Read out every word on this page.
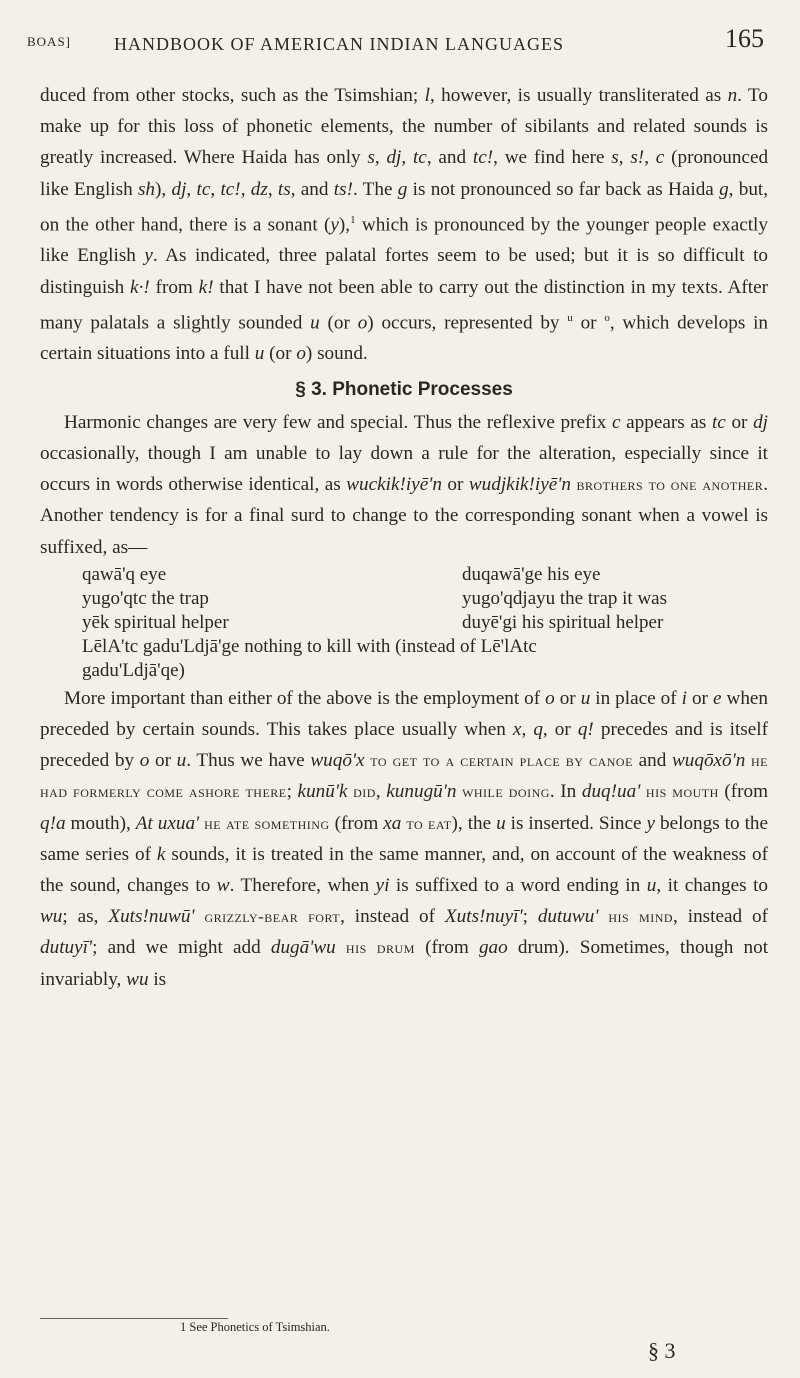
BOAS] HANDBOOK OF AMERICAN INDIAN LANGUAGES	165

duced from other stocks, such as the Tsimshian; l, however, is usually transliterated as n. To make up for this loss of phonetic elements, the number of sibilants and related sounds is greatly increased. Where Haida has only s, dj, tc, and tc!, we find here s, s!, c (pronounced like English sh), dj, tc, tc!, dz, ts, and ts!. The g is not pronounced so far back as Haida g, but, on the other hand, there is a sonant (y),$^1$ which is pronounced by the younger people exactly like English y. As indicated, three palatal fortes seem to be used; but it is so difficult to distinguish k·! from k! that I have not been able to carry out the distinction in my texts. After many palatals a slightly sounded u (or o) occurs, represented by $^u$ or $^o$, which develops in certain situations into a full u (or o) sound.

§ 3. Phonetic Processes

Harmonic changes are very few and special. Thus the reflexive prefix c appears as tc or dj occasionally, though I am unable to lay down a rule for the alteration, especially since it occurs in words otherwise identical, as wuckik!iyē'n or wudjkik!iyē'n brothers to one another. Another tendency is for a final surd to change to the corresponding sonant when a vowel is suffixed, as—

qawā'q eye	duqawā'ge his eye
yugo'qtc the trap	yugo'qdjayu the trap it was
yēk spiritual helper	duyē'gi his spiritual helper
LēlA'tc gadu'Ldjā'ge nothing to kill with (instead of Lē'lAtc	
gadu'Ldjā'qe)	

More important than either of the above is the employment of o or u in place of i or e when preceded by certain sounds. This takes place usually when x, q, or q! precedes and is itself preceded by o or u. Thus we have wuqō'x to get to a certain place by canoe and wuqōxō'n he had formerly come ashore there; kunū'k did, kunugū'n while doing. In duq!ua' his mouth (from q!a mouth), At uxua' he ate something (from xa to eat), the u is inserted. Since y belongs to the same series of k sounds, it is treated in the same manner, and, on account of the weakness of the sound, changes to w. Therefore, when yi is suffixed to a word ending in u, it changes to wu; as, Xuts!nuwū' grizzly-bear fort, instead of Xuts!nuyī'; dutuwu' his mind, instead of dutuyī'; and we might add dugā'wu his drum (from gao drum). Sometimes, though not invariably, wu is

1 See Phonetics of Tsimshian.
§ 3
